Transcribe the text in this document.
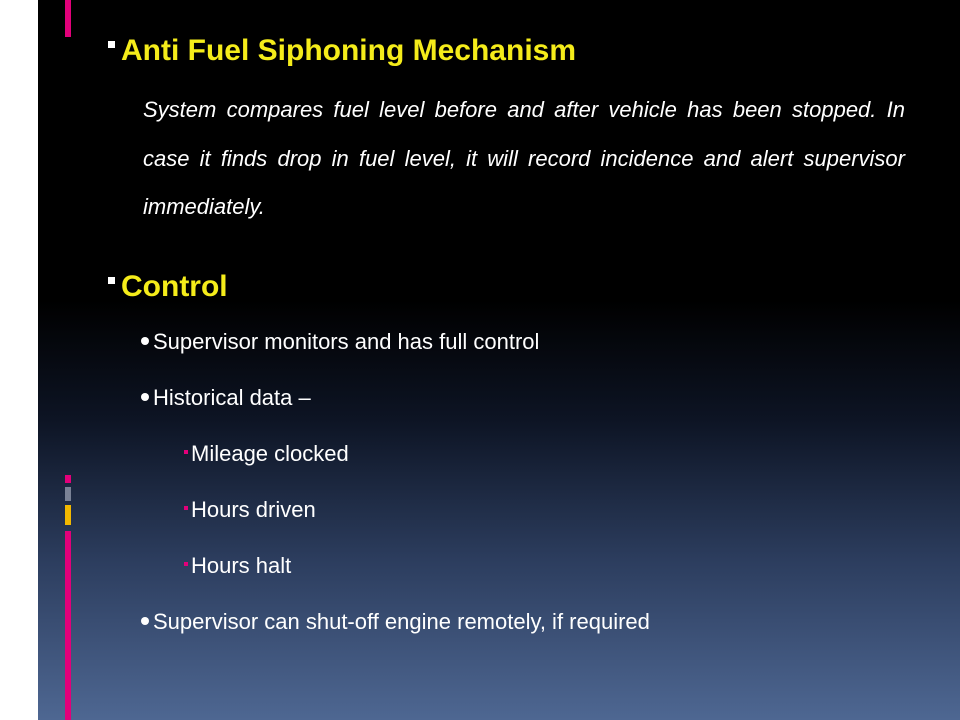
Anti Fuel Siphoning Mechanism
System compares fuel level before and after vehicle has been stopped. In case it finds drop in fuel level, it will record incidence and alert supervisor immediately.
Control
Supervisor monitors and has full control
Historical data –
Mileage clocked
Hours driven
Hours halt
Supervisor can shut-off engine remotely, if required
